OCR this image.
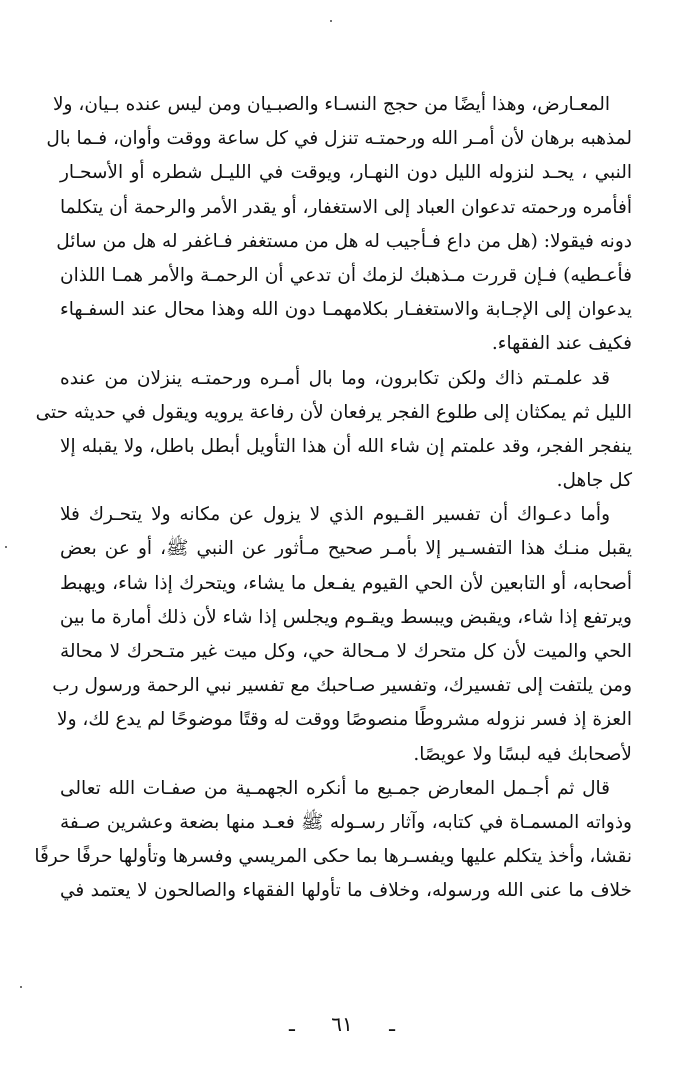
المعـارض، وهذا أيضًا من حجج النسـاء والصبـيان ومن ليس عنده بـيان، ولا
لمذهبه برهان لأن أمـر الله ورحمتـه تنزل في كل ساعة ووقت وأوان، فـما بال
النبي ، يحـد لنزوله الليل دون النهـار، ويوقت في الليـل شطره أو الأسحـار
أفأمره ورحمته تدعوان العباد إلى الاستغفار، أو يقدر الأمر والرحمة أن يتكلما
دونه فيقولا: (هل من داع فـأجيب له هل من مستغفر فـاغفر له هل من سائل
فأعـطيه) فـإن قررت مـذهبك لزمك أن تدعي أن الرحمـة والأمر همـا اللذان
يدعوان إلى الإجـابة والاستغفـار بكلامهمـا دون الله وهذا محال عند السفـهاء
فكيف عند الفقهاء.

قد علمـتم ذاك ولكن تكابرون، وما بال أمـره ورحمتـه ينزلان من عنده
الليل ثم يمكثان إلى طلوع الفجر يرفعان لأن رفاعة يرويه ويقول في حديثه حتى
ينفجر الفجر، وقد علمتم إن شاء الله أن هذا التأويل أبطل باطل، ولا يقبله إلا
كل جاهل.

وأما دعـواك أن تفسير القـيوم الذي لا يزول عن مكانه ولا يتحـرك فلا
يقبل منـك هذا التفسـير إلا بأمـر صحيح مـأثور عن النبي ﷺ، أو عن بعض
أصحابه، أو التابعين لأن الحي القيوم يفـعل ما يشاء، ويتحرك إذا شاء، ويهبط
ويرتفع إذا شاء، ويقبض ويبسط ويقـوم ويجلس إذا شاء لأن ذلك أمارة ما بين
الحي والميت لأن كل متحرك لا مـحالة حي، وكل ميت غير متـحرك لا محالة
ومن يلتفت إلى تفسيرك، وتفسير صـاحبك مع تفسير نبي الرحمة ورسول رب
العزة إذ فسر نزوله مشروطًا منصوصًا ووقت له وقتًا موضوحًا لم يدع لك، ولا
لأصحابك فيه لبسًا ولا عويصًا.

قال ثم أجـمل المعارض جمـيع ما أنكره الجهمـية من صفـات الله تعالى
وذواته المسمـاة في كتابه، وآثار رسـوله ﷺ فعـد منها بضعة وعشرين صـفة
نقشا، وأخذ يتكلم عليها ويفسـرها بما حكى المريسي وفسرها وتأولها حرفًا حرفًا
خلاف ما عنى الله ورسوله، وخلاف ما تأولها الفقهاء والصالحون لا يعتمد في

ـ ٦١ ـ
